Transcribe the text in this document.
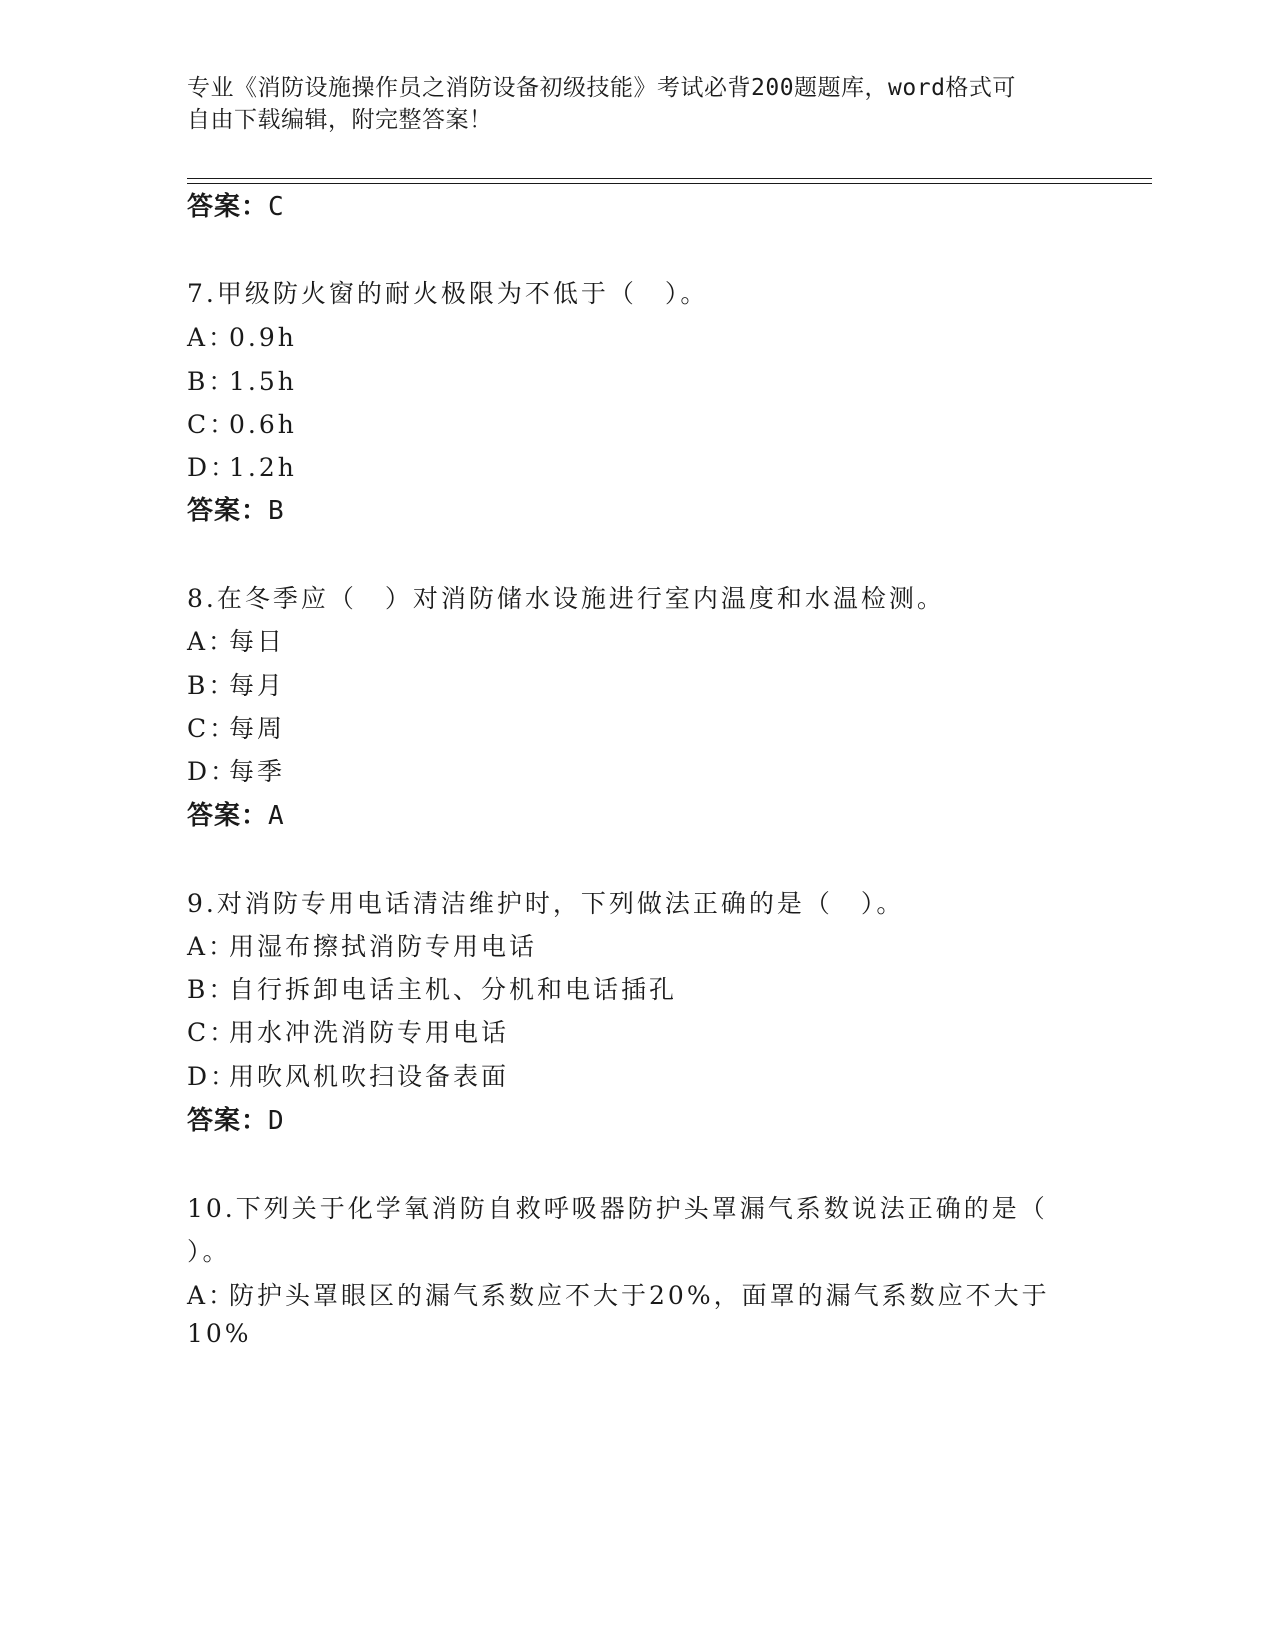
专业《消防设施操作员之消防设备初级技能》考试必背200题题库，word格式可
自由下载编辑，附完整答案！
答案：C
7.甲级防火窗的耐火极限为不低于（　）。
A：0.9h
B：1.5h
C：0.6h
D：1.2h
答案：B
8.在冬季应（　）对消防储水设施进行室内温度和水温检测。
A：每日
B：每月
C：每周
D：每季
答案：A
9.对消防专用电话清洁维护时，下列做法正确的是（　）。
A：用湿布擦拭消防专用电话
B：自行拆卸电话主机、分机和电话插孔
C：用水冲洗消防专用电话
D：用吹风机吹扫设备表面
答案：D
10.下列关于化学氧消防自救呼吸器防护头罩漏气系数说法正确的是（
）。
A：防护头罩眼区的漏气系数应不大于20%，面罩的漏气系数应不大于
10%
